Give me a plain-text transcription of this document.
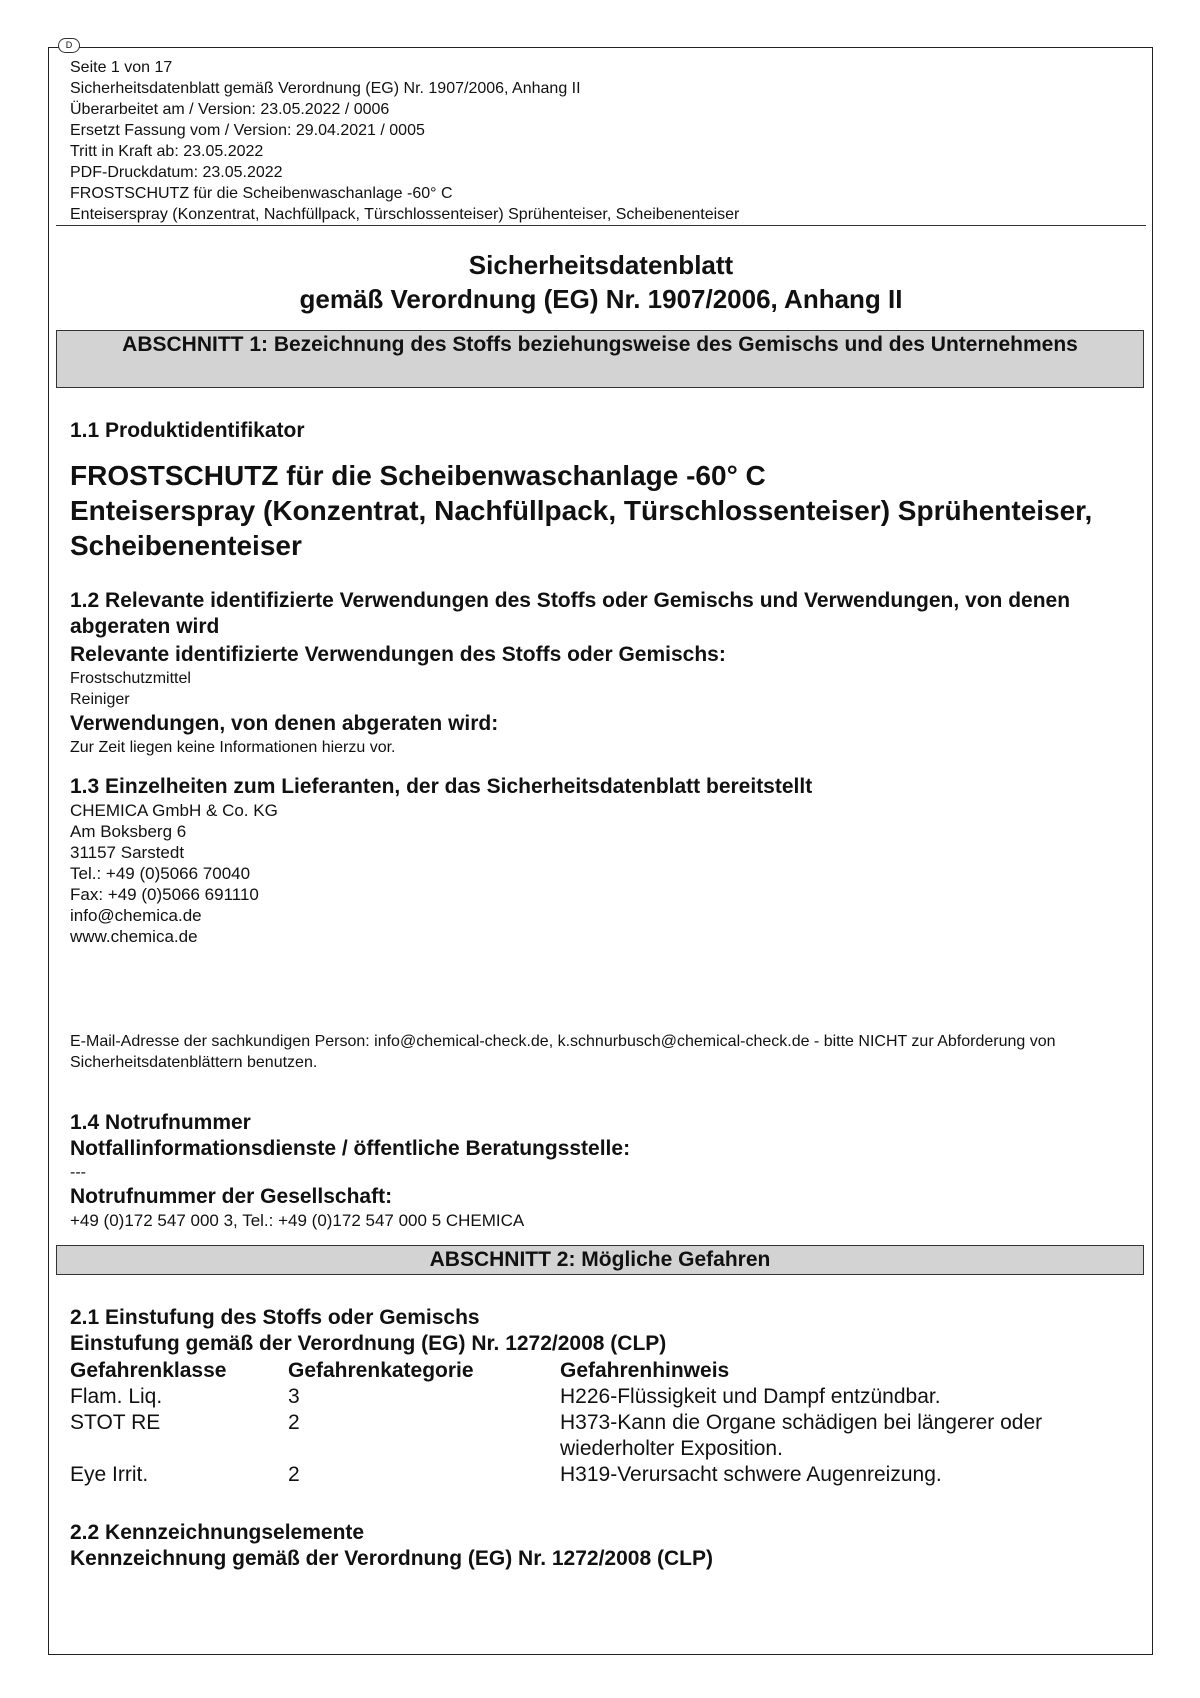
D
Seite 1 von 17
Sicherheitsdatenblatt gemäß Verordnung (EG) Nr. 1907/2006, Anhang II
Überarbeitet am / Version: 23.05.2022 / 0006
Ersetzt Fassung vom / Version: 29.04.2021 / 0005
Tritt in Kraft ab: 23.05.2022
PDF-Druckdatum: 23.05.2022
FROSTSCHUTZ für die Scheibenwaschanlage -60° C
Enteiserspray (Konzentrat, Nachfüllpack, Türschlossenteiser) Sprühenteiser, Scheibenenteiser
Sicherheitsdatenblatt
gemäß Verordnung (EG) Nr. 1907/2006, Anhang II
ABSCHNITT 1: Bezeichnung des Stoffs beziehungsweise des Gemischs und des Unternehmens
1.1 Produktidentifikator
FROSTSCHUTZ für die Scheibenwaschanlage -60° C
Enteiserspray (Konzentrat, Nachfüllpack, Türschlossenteiser) Sprühenteiser, Scheibenenteiser
1.2 Relevante identifizierte Verwendungen des Stoffs oder Gemischs und Verwendungen, von denen abgeraten wird
Relevante identifizierte Verwendungen des Stoffs oder Gemischs:
Frostschutzmittel
Reiniger
Verwendungen, von denen abgeraten wird:
Zur Zeit liegen keine Informationen hierzu vor.
1.3 Einzelheiten zum Lieferanten, der das Sicherheitsdatenblatt bereitstellt
CHEMICA GmbH & Co. KG
Am Boksberg 6
31157 Sarstedt
Tel.: +49 (0)5066 70040
Fax: +49 (0)5066 691110
info@chemica.de
www.chemica.de
E-Mail-Adresse der sachkundigen Person: info@chemical-check.de, k.schnurbusch@chemical-check.de - bitte NICHT zur Abforderung von Sicherheitsdatenblättern benutzen.
1.4 Notrufnummer
Notfallinformationsdienste / öffentliche Beratungsstelle:
---
Notrufnummer der Gesellschaft:
+49 (0)172 547 000 3, Tel.: +49 (0)172 547 000 5 CHEMICA
ABSCHNITT 2: Mögliche Gefahren
2.1 Einstufung des Stoffs oder Gemischs
Einstufung gemäß der Verordnung (EG) Nr. 1272/2008 (CLP)
Gefahrenklasse	Gefahrenkategorie	Gefahrenhinweis
Flam. Liq.	3	H226-Flüssigkeit und Dampf entzündbar.
STOT RE	2	H373-Kann die Organe schädigen bei längerer oder wiederholter Exposition.
Eye Irrit.	2	H319-Verursacht schwere Augenreizung.
2.2 Kennzeichnungselemente
Kennzeichnung gemäß der Verordnung (EG) Nr. 1272/2008 (CLP)
